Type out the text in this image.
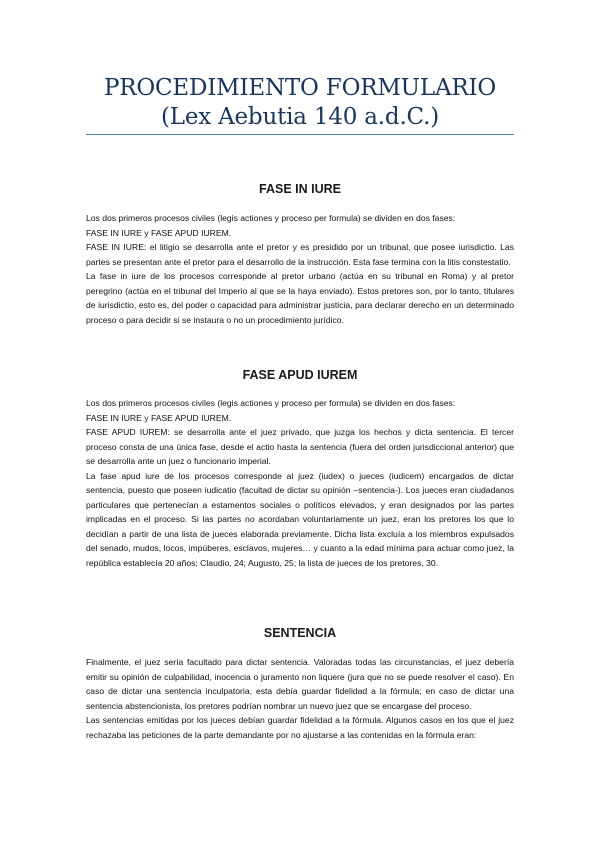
PROCEDIMIENTO FORMULARIO
(Lex Aebutia 140 a.d.C.)
FASE IN IURE

Los dos primeros procesos civiles (legis actiones y proceso per formula) se dividen en dos fases:

FASE IN IURE y FASE APUD IUREM.

FASE IN IURE: el litigio se desarrolla ante el pretor y es presidido por un tribunal, que posee iurisdictio. Las partes se presentan ante el pretor para el desarrollo de la instrucción. Esta fase termina con la litis constestatio.

La fase in iure de los procesos corresponde al pretor urbano (actúa en su tribunal en Roma) y al pretor peregrino (actúa en el tribunal del Imperio al que se la haya enviado). Estos pretores son, por lo tanto, titulares de iurisdictio, esto es, del poder o capacidad para administrar justicia, para declarar derecho en un determinado proceso o para decidir si se instaura o no un procedimiento jurídico.

FASE APUD IUREM

Los dos primeros procesos civiles (legis actiones y proceso per formula) se dividen en dos fases:

FASE IN IURE y FASE APUD IUREM.

FASE APUD IUREM: se desarrolla ante el juez privado, que juzga los hechos y dicta sentencia. El tercer proceso consta de una única fase, desde el actio hasta la sentencia (fuera del orden jurisdiccional anterior) que se desarrolla ante un juez o funcionario imperial.

La fase apud iure de los procesos corresponde al juez (iudex) o jueces (iudicem) encargados de dictar sentencia, puesto que poseen iudicatio (facultad de dictar su opinión –sentencia-). Los jueces eran ciudadanos particulares que pertenecían a estamentos sociales o políticos elevados, y eran designados por las partes implicadas en el proceso. Si las partes no acordaban voluntariamente un juez, eran los pretores los que lo decidían a partir de una lista de jueces elaborada previamente. Dicha lista excluía a los miembros expulsados del senado, mudos, locos, impúberes, esclavos, mujeres… y cuanto a la edad mínima para actuar como juez, la república establecía 20 años; Claudio, 24; Augusto, 25; la lista de jueces de los pretores, 30.

SENTENCIA

Finalmente, el juez sería facultado para dictar sentencia. Valoradas todas las circunstancias, el juez debería emitir su opinión de culpabilidad, inocencia o juramento non liquere (jura que no se puede resolver el caso). En caso de dictar una sentencia inculpatoria, esta debía guardar fidelidad a la fórmula; en caso de dictar una sentencia abstencionista, los pretores podrían nombrar un nuevo juez que se encargase del proceso.

Las sentencias emitidas por los jueces debían guardar fidelidad a la fórmula. Algunos casos en los que el juez rechazaba las peticiones de la parte demandante por no ajustarse a las contenidas en la fórmula eran:
